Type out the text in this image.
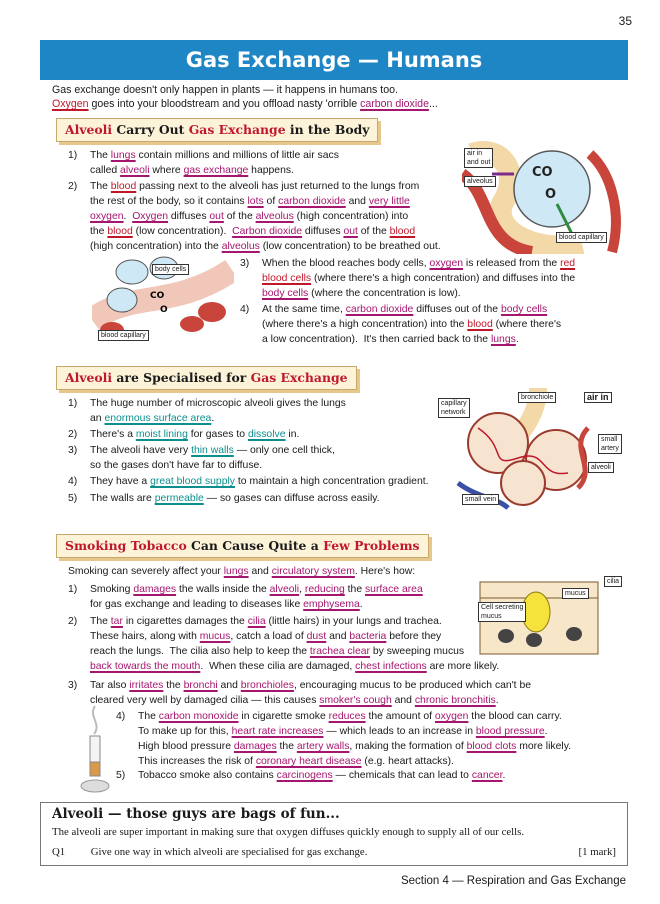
35
Gas Exchange — Humans
Gas exchange doesn't only happen in plants — it happens in humans too.
Oxygen goes into your bloodstream and you offload nasty 'orrible carbon dioxide...
Alveoli Carry Out Gas Exchange in the Body
1)	The lungs contain millions and millions of little air sacs
called alveoli where gas exchange happens.
2)	The blood passing next to the alveoli has just returned to the lungs from
the rest of the body, so it contains lots of carbon dioxide and very little
oxygen.  Oxygen diffuses out of the alveolus (high concentration) into
the blood (low concentration).  Carbon dioxide diffuses out of the blood
(high concentration) into the alveolus (low concentration) to be breathed out.
3)	When the blood reaches body cells, oxygen is released from the red
blood cells (where there's a high concentration) and diffuses into the
body cells (where the concentration is low).
4)	At the same time, carbon dioxide diffuses out of the body cells
(where there's a high concentration) into the blood (where there's
a low concentration).  It's then carried back to the lungs.
CO
O
air in
and out
alveolus
blood capillary
CO
O
body cells
blood capillary
Alveoli are Specialised for Gas Exchange
1)	The huge number of microscopic alveoli gives the lungs
an enormous surface area.
2)	There's a moist lining for gases to dissolve in.
3)	The alveoli have very thin walls — only one cell thick,
so the gases don't have far to diffuse.
4)	They have a great blood supply to maintain a high concentration gradient.
5)	The walls are permeable — so gases can diffuse across easily.
capillary
network
bronchiole	air in
small
artery
alveoli
small vein
Smoking Tobacco Can Cause Quite a Few Problems
Smoking can severely affect your lungs and circulatory system. Here's how:
1)	Smoking damages the walls inside the alveoli, reducing the surface area
for gas exchange and leading to diseases like emphysema.
2)	The tar in cigarettes damages the cilia (little hairs) in your lungs and trachea.
These hairs, along with mucus, catch a load of dust and bacteria before they
reach the lungs.  The cilia also help to keep the trachea clear by sweeping mucus
back towards the mouth.  When these cilia are damaged, chest infections are more likely.
3)	Tar also irritates the bronchi and bronchioles, encouraging mucus to be produced which can't be
cleared very well by damaged cilia — this causes smoker's cough and chronic bronchitis.
4)	The carbon monoxide in cigarette smoke reduces the amount of oxygen the blood can carry.
To make up for this, heart rate increases — which leads to an increase in blood pressure.
High blood pressure damages the artery walls, making the formation of blood clots more likely.
This increases the risk of coronary heart disease (e.g. heart attacks).
5)	Tobacco smoke also contains carcinogens — chemicals that can lead to cancer.
cilia
mucus
Cell secreting
mucus
Alveoli — those guys are bags of fun...
The alveoli are super important in making sure that oxygen diffuses quickly enough to supply all of our cells.
Q1 Give one way in which alveoli are specialised for gas exchange.	[1 mark]
Section 4 — Respiration and Gas Exchange
